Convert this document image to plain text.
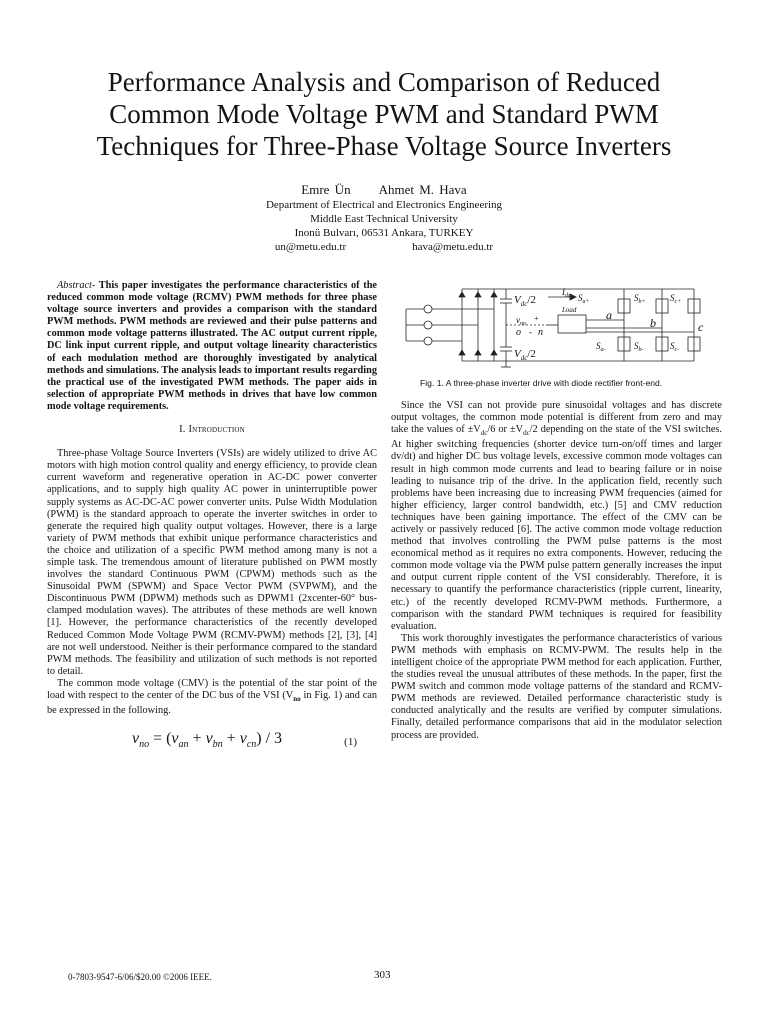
Performance Analysis and Comparison of Reduced
Common Mode Voltage PWM and Standard PWM
Techniques for Three-Phase Voltage Source Inverters
Emre Ün Ahmet M. Hava
Department of Electrical and Electronics Engineering
Middle East Technical University
Inonü Bulvarı, 06531 Ankara, TURKEY
un@metu.edu.tr	hava@metu.edu.tr

Abstract- This paper investigates the performance characteristics of the reduced common mode voltage (RCMV) PWM methods for three phase voltage source inverters and provides a comparison with the standard PWM methods. PWM methods are reviewed and their pulse patterns and common mode voltage patterns illustrated. The AC output current ripple, DC link input current ripple, and output voltage linearity characteristics of each modulation method are thoroughly investigated by analytical methods and simulations. The analysis leads to important results regarding the practical use of the investigated PWM methods. The paper aids in selection of appropriate PWM methods in drives that have low common mode voltage requirements.

I. Introduction

Three-phase Voltage Source Inverters (VSIs) are widely utilized to drive AC motors with high motion control quality and energy efficiency, to provide clean current waveform and regenerative operation in AC-DC power converter applications, and to supply high quality AC power in uninterruptible power supply systems as AC-DC-AC power converter units. Pulse Width Modulation (PWM) is the standard approach to operate the inverter switches in order to generate the required high quality output voltages. However, there is a large variety of PWM methods that exhibit unique performance characteristics and the choice and utilization of a specific PWM method among many is not a simple task. The tremendous amount of literature published on PWM mostly involves the standard Continuous PWM (CPWM) methods such as the Sinusoidal PWM (SPWM) and Space Vector PWM (SVPWM), and the Discontinuous PWM (DPWM) methods such as DPWM1 (2xcenter-60° bus-clamped modulation waves). The attributes of these methods are well known [1]. However, the performance characteristics of the recently developed Reduced Common Mode Voltage PWM (RCMV-PWM) methods [2], [3], [4] are not well understood. Neither is their performance compared to the standard PWM methods. The feasibility and utilization of such methods is not reported to detail.

The common mode voltage (CMV) is the potential of the star point of the load with respect to the center of the DC bus of the VSI ($V_{no}$ in Fig. 1) and can be expressed in the following.

$v_{no} = (v_{an} + v_{bn} + v_{cn}) / 3$	(1)
$V_{dc}/2$
$V_{dc}/2$
$I_{dc}$
$v_{no}$
+
o n
-
Load a
b	c
$S_{a+}$	$S_{b+}$	$S_{c+}$
$S_{a-}$	$S_{b-}$	$S_{c-}$
Fig. 1. A three-phase inverter drive with diode rectifier front-end.

Since the VSI can not provide pure sinusoidal voltages and has discrete output voltages, the common mode potential is different from zero and may take the values of $\pm V_{dc}/6$ or $\pm V_{dc}/2$ depending on the state of the VSI switches. At higher switching frequencies (shorter device turn-on/off times and larger dv/dt) and higher DC bus voltage levels, excessive common mode voltages can result in high common mode currents and lead to bearing failure or in noise leading to nuisance trip of the drive. In the application field, recently such problems have been increasing due to increasing PWM frequencies (aimed for higher efficiency, larger control bandwidth, etc.) [5] and CMV reduction techniques have been gaining importance. The effect of the CMV can be actively or passively reduced [6]. The active common mode voltage reduction method that involves controlling the PWM pulse patterns is the most economical method as it requires no extra components. However, reducing the common mode voltage via the PWM pulse pattern generally increases the input and output current ripple content of the VSI considerably. Therefore, it is necessary to quantify the performance characteristics (ripple current, linearity, etc.) of the recently developed RCMV-PWM methods. Furthermore, a comparison with the standard PWM techniques is required for feasibility evaluation.

This work thoroughly investigates the performance characteristics of various PWM methods with emphasis on RCMV-PWM. The results help in the intelligent choice of the appropriate PWM method for each application. Further, the studies reveal the unusual attributes of these methods. In the paper, first the PWM switch and common mode voltage patterns of the standard and RCMV-PWM methods are reviewed. Detailed performance characteristic study is conducted analytically and the results are verified by computer simulations. Finally, detailed performance comparisons that aid in the modulator selection process are provided.

0-7803-9547-6/06/$20.00 ©2006 IEEE.	303
